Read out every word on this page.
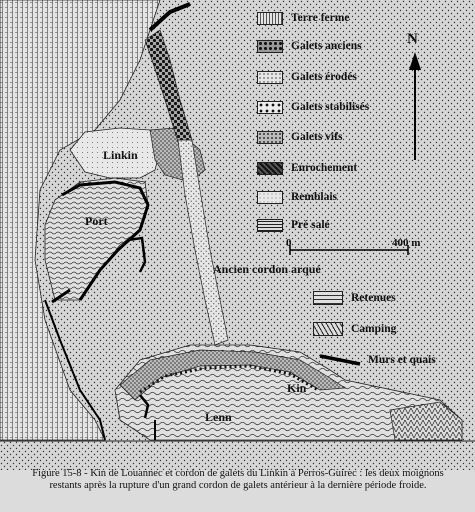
Terre ferme
Galets anciens
Galets érodés
Galets stabilisés
Galets vifs
Enrochement
Remblais
Pré salé
N
0	400 m
Retenues
Camping
Murs et quais
Linkin
Port
Ancien cordon arqué
Kin
Lenn
Figure 15-8 - Kin de Louannec et cordon de galets du Linkin à Perros-Guirec : les deux moignons
restants après la rupture d'un grand cordon de galets antérieur à la dernière période froide.
